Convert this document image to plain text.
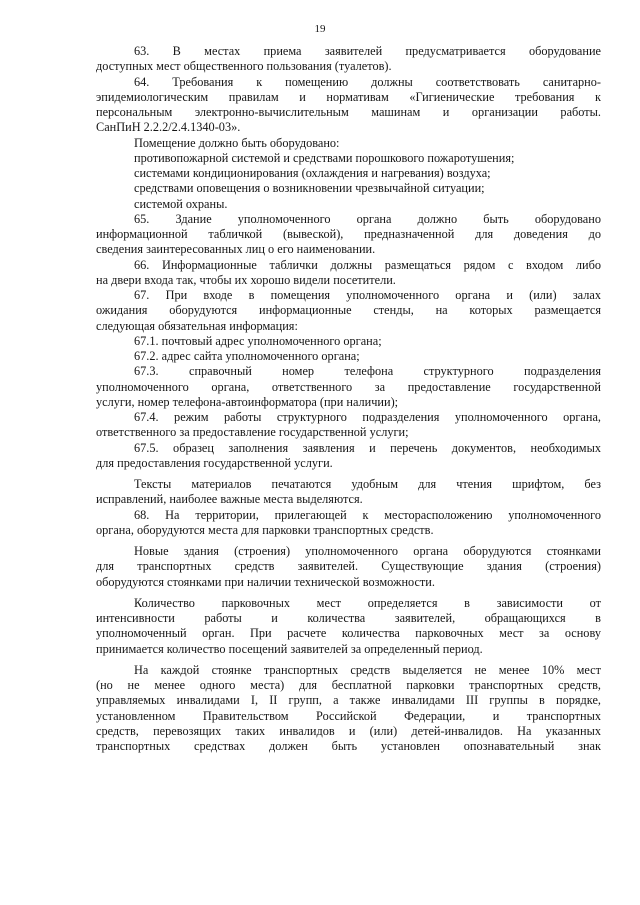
19
63. В местах приема заявителей предусматривается оборудование
доступных мест общественного пользования (туалетов).
64. Требования к помещению должны соответствовать санитарно-
эпидемиологическим правилам и нормативам «Гигиенические требования к
персональным электронно-вычислительным машинам и организации работы.
СанПиН 2.2.2/2.4.1340-03».
Помещение должно быть оборудовано:
противопожарной системой и средствами порошкового пожаротушения;
системами кондиционирования (охлаждения и нагревания) воздуха;
средствами оповещения о возникновении чрезвычайной ситуации;
системой охраны.
65. Здание уполномоченного органа должно быть оборудовано
информационной табличкой (вывеской), предназначенной для доведения до
сведения заинтересованных лиц о его наименовании.
66. Информационные таблички должны размещаться рядом с входом либо
на двери входа так, чтобы их хорошо видели посетители.
67. При входе в помещения уполномоченного органа и (или) залах
ожидания оборудуются информационные стенды, на которых размещается
следующая обязательная информация:
67.1. почтовый адрес уполномоченного органа;
67.2. адрес сайта уполномоченного органа;
67.3. справочный номер телефона структурного подразделения
уполномоченного органа, ответственного за предоставление государственной
услуги, номер телефона-автоинформатора (при наличии);
67.4. режим работы структурного подразделения уполномоченного органа,
ответственного за предоставление государственной услуги;
67.5. образец заполнения заявления и перечень документов, необходимых
для предоставления государственной услуги.
Тексты материалов печатаются удобным для чтения шрифтом, без
исправлений, наиболее важные места выделяются.
68. На территории, прилегающей к месторасположению уполномоченного
органа, оборудуются места для парковки транспортных средств.
Новые здания (строения) уполномоченного органа оборудуются стоянками
для транспортных средств заявителей. Существующие здания (строения)
оборудуются стоянками при наличии технической возможности.
Количество парковочных мест определяется в зависимости от
интенсивности работы и количества заявителей, обращающихся в
уполномоченный орган. При расчете количества парковочных мест за основу
принимается количество посещений заявителей за определенный период.
На каждой стоянке транспортных средств выделяется не менее 10% мест
(но не менее одного места) для бесплатной парковки транспортных средств,
управляемых инвалидами I, II групп, а также инвалидами III группы в порядке,
установленном Правительством Российской Федерации, и транспортных
средств, перевозящих таких инвалидов и (или) детей-инвалидов. На указанных
транспортных средствах должен быть установлен опознавательный знак
